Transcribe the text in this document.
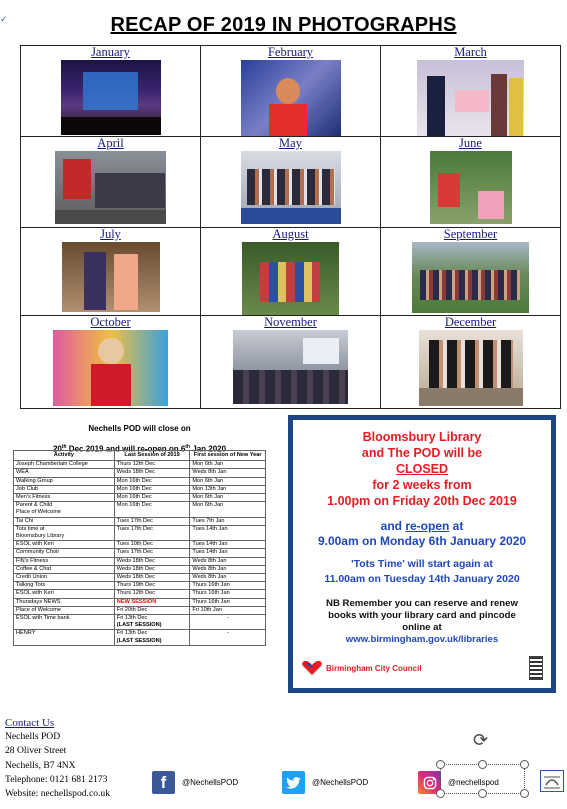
✓	RECAP OF 2019 IN PHOTOGRAPHS
January	February	March

April	May	June

July	August	September

October	November	December
Nechells POD will close on
20th Dec 2019 and will re-open on 6th Jan 2020
Activity	Last Session of 2019	First session of New Year
Joseph Chamberlain College	Thurs 12th Dec	Mon 6th Jan
WEA	Weds 18th Dec	Weds 8th Jan
Walking Group	Mon 16th Dec	Mon 6th Jan
Job Club	Mon 16th Dec	Mon 13th Jan
Men's Fitness	Mon 16th Dec	Mon 6th Jan
Parent & Child
Place of Welcome	Mon 16th Dec	Mon 6th Jan
Tai Chi	Tues 17th Dec	Tues 7th Jan
Tots time at
Bloomsbury Library	Tues 17th Dec	Tues 14th Jan
ESOL with Keri	Tues 10th Dec	Tues 14th Jan
Community Choir	Tues 17th Dec	Tues 14th Jan
FiN's Fitness	Weds 18th Dec	Weds 8th Jan
Coffee & Chat	Weds 18th Dec	Weds 8th Jan
Credit Union	Weds 18th Dec	Weds 8th Jan
Talking Tots	Thurs 19th Dec	Thurs 16th Jan
ESOL with Keri	Thurs 12th Dec	Thurs 16th Jan
Thursdays NEWS	NEW SESSION	Thurs 16th Jan
Place of Welcome	Fri 20th Dec	Fri 10th Jan
ESOL with Time bank	Fri 13th Dec
(LAST SESSION)	-
HENRY	Fri 13th Dec
(LAST SESSION)	-
Bloomsbury Library
and The POD will be
CLOSED
for 2 weeks from
1.00pm on Friday 20th Dec 2019
and re-open at
9.00am on Monday 6th January 2020
'Tots Time' will start again at
11.00am on Tuesday 14th January 2020
NB Remember you can reserve and renew
books with your library card and pincode
online at
www.birmingham.gov.uk/libraries
Birmingham City Council
Contact Us
Nechells POD
28 Oliver Street
Nechells, B7 4NX
Telephone: 0121 681 2173
Website: nechellspod.co.uk
f	@NechellsPOD	@NechellsPOD	@nechellspod
⟳
